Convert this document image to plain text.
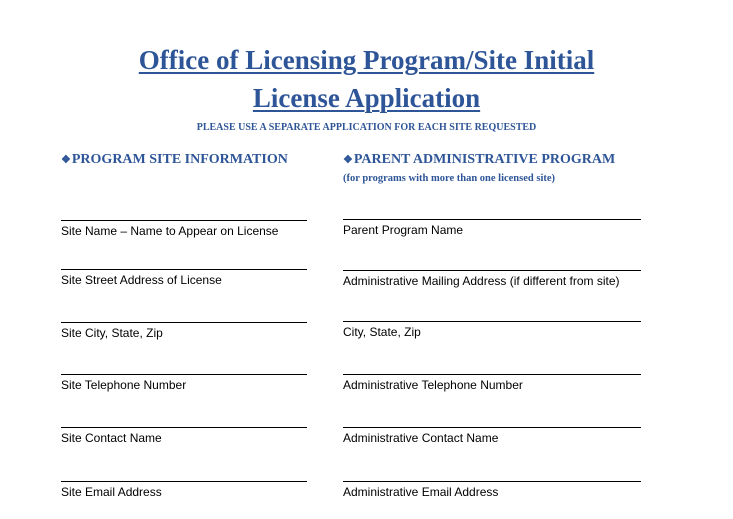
Office of Licensing Program/Site Initial
License Application
PLEASE USE A SEPARATE APPLICATION FOR EACH SITE REQUESTED
❖PROGRAM SITE INFORMATION	❖PARENT ADMINISTRATIVE PROGRAM
(for programs with more than one licensed site)
Site Name – Name to Appear on License
Site Street Address of License
Site City, State, Zip
Site Telephone Number
Site Contact Name
Site Email Address
Parent Program Name
Administrative Mailing Address (if different from site)
City, State, Zip
Administrative Telephone Number
Administrative Contact Name
Administrative Email Address
